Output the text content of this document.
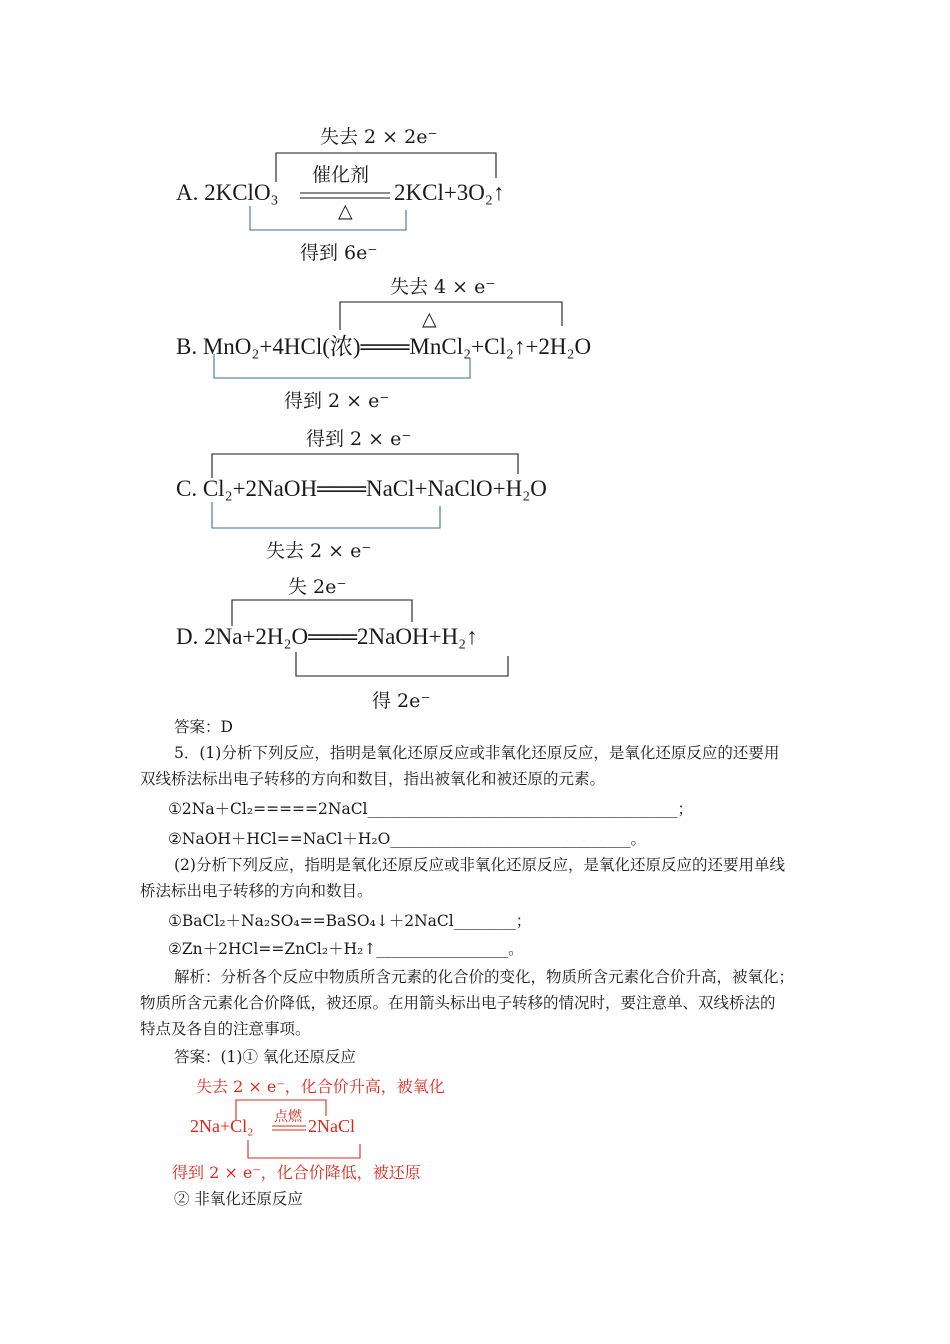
失去 2 × 2e⁻
催化剂
A. 2KClO₃	2KCl+3O₂↑
△
得到 6e⁻
失去 4 × e⁻
△
B. MnO₂+4HCl(浓)═══MnCl₂+Cl₂↑+2H₂O
得到 2 × e⁻
得到 2 × e⁻
C. Cl₂+2NaOH═══NaCl+NaClO+H₂O
失去 2 × e⁻
失 2e⁻
D. 2Na+2H₂O═══2NaOH+H₂↑
得 2e⁻
答案：D
5．(1)分析下列反应，指明是氧化还原反应或非氧化还原反应，是氧化还原反应的还要用
双线桥法标出电子转移的方向和数目，指出被氧化和被还原的元素。
①2Na＋Cl₂=====2NaCl________________________________________；
②NaOH＋HCl==NaCl＋H₂O_______________________________。
(2)分析下列反应，指明是氧化还原反应或非氧化还原反应，是氧化还原反应的还要用单线
桥法标出电子转移的方向和数目。
①BaCl₂＋Na₂SO₄==BaSO₄↓＋2NaCl________；
②Zn＋2HCl==ZnCl₂＋H₂↑_________________。
解析：分析各个反应中物质所含元素的化合价的变化，物质所含元素化合价升高，被氧化；
物质所含元素化合价降低，被还原。在用箭头标出电子转移的情况时，要注意单、双线桥法的
特点及各自的注意事项。
答案：(1)① 氧化还原反应
失去 2 × e⁻，化合价升高，被氧化
点燃
2Na+Cl₂	2NaCl
得到 2 × e⁻，化合价降低，被还原
② 非氧化还原反应
